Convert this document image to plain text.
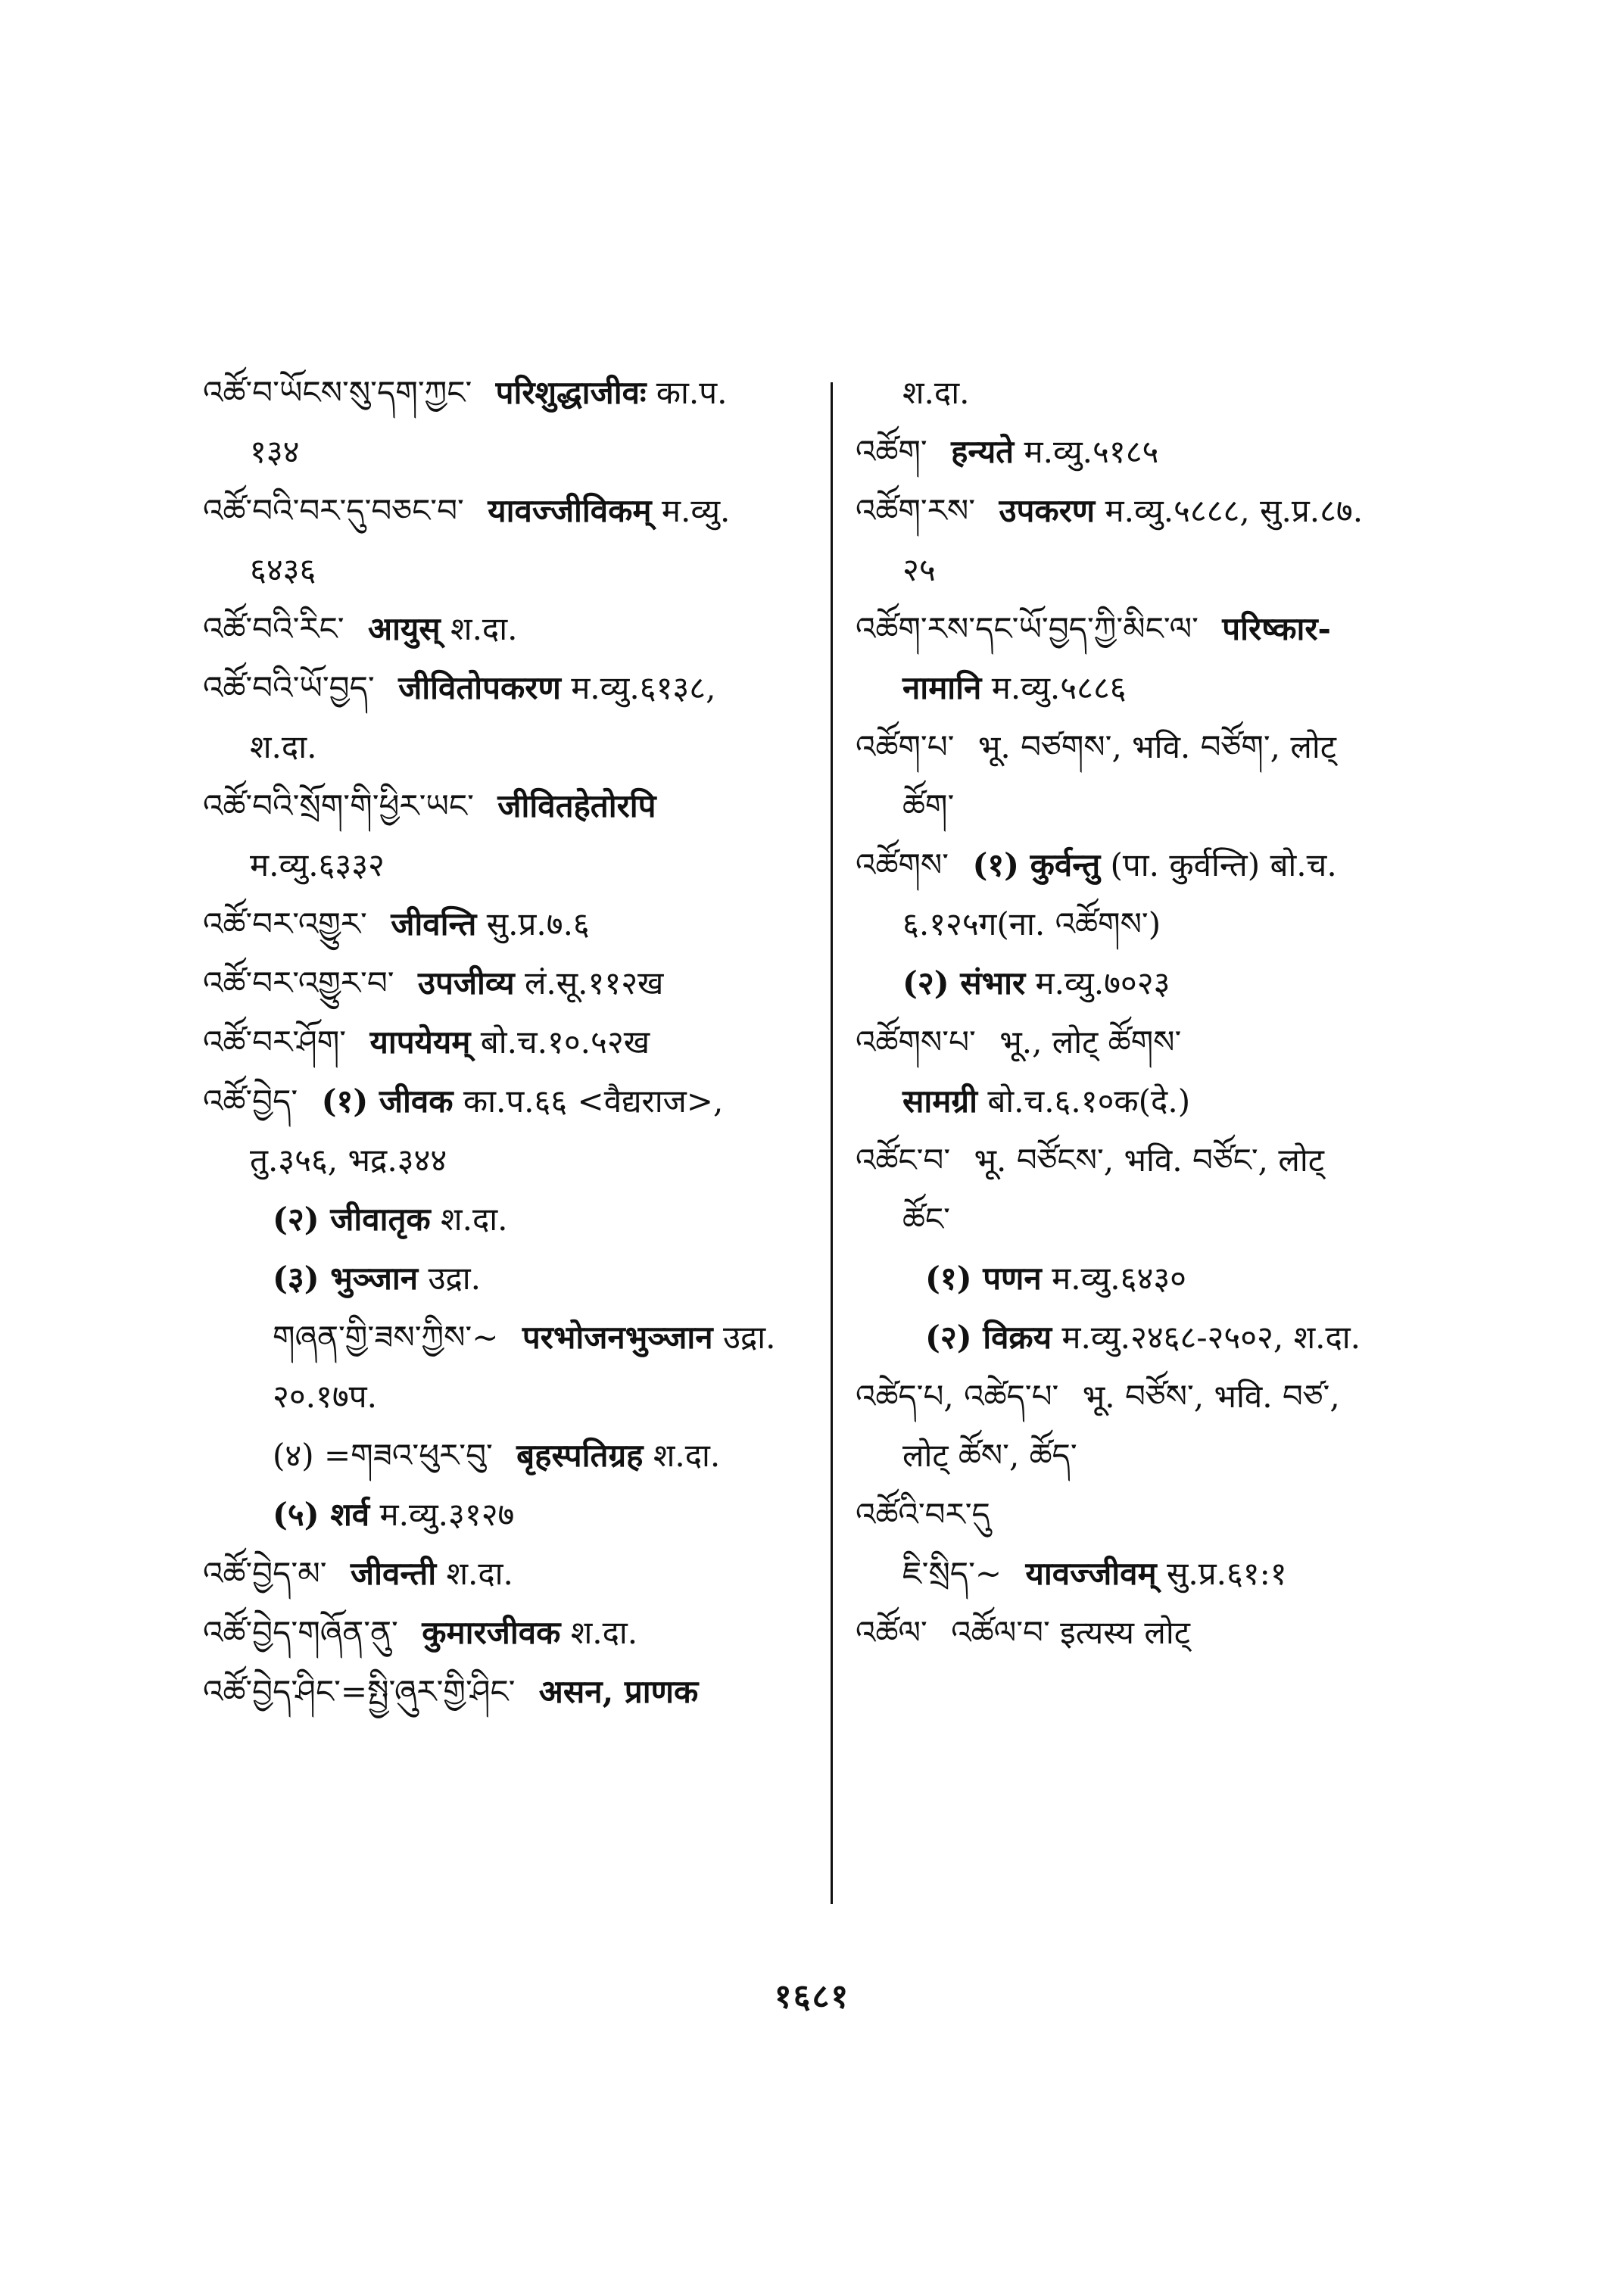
འཚོ་བ་ཡོངས་སུ་དག་ཀྱང་ परिशुद्धाजीवः का.प.
१३४
འཚོ་བའི་བར་དུ་བཅང་བ་ यावज्जीविकम् म.व्यु.
६४३६
འཚོ་བའི་རིང་ आयुस् श.दा.
འཚོ་བའི་ཡོ་བྱད་ जीवितोपकरण म.व्यु.६१३८,
श.दा.
འཚོ་བའི་སྲོག་གི་ཕྱིར་ཡང་ जीवितहेतोरपि
म.व्यु.६३३२
འཚོ་བར་འགྱུར་ जीवन्ति सु.प्र.७.६
འཚོ་བར་འགྱུར་བ་ उपजीव्य लं.सू.११२ख
འཚོ་བར་ཤོག་ यापयेयम् बो.च.१०.५२ख
འཚོ་བྱེད་ (१) जीवक का.प.६६ <वैद्यराज>,
तु.३५६, भद्र.३४४
(२) जीवातृक श.दा.
(३) भुञ्जान उद्रा.
གཞན་གྱི་ཟས་ཀྱིས་~ परभोजनभुञ्जान उद्रा.
२०.१७प.
(४) =གཟའ་ཕུར་བུ་ बृहस्पतिग्रह श.दा.
(५) शर्व म.व्यु.३१२७
འཚོ་བྱེད་མ་ जीवन्ती श.दा.
འཚོ་བྱེད་གཞོན་ནུ་ कुमारजीवक श.दा.
འཚོ་བྱེད་ཤིང་=སྤྱི་ཞུར་གྱི་ཤིང་ असन, प्राणक
श.दा.
འཚོག་ हन्यते म.व्यु.५१८५
འཚོག་རས་ उपकरण म.व्यु.५८८८, सु.प्र.८७.
२५
འཚོག་རས་དང་ཡོ་བྱད་ཀྱི་མིང་ལ་ परिष्कार-
नामानि म.व्यु.५८८६
འཚོག་པ་ भू. བཙགས་, भवि. བཙོག་, लोट्
ཚོག་
འཚོགས་ (१) कुर्वन्तु (पा. कुर्वन्ति) बो.च.
६.१२५ग(ना. འཚོགས་)
(२) संभार म.व्यु.७०२३
འཚོགས་པ་ भू., लोट् ཚོགས་
सामग्री बो.च.६.१०क(दे.)
འཚོང་བ་ भू. བཙོངས་, भवि. བཙོང་, लोट्
ཚོང་
(१) पणन म.व्यु.६४३०
(२) विक्रय म.व्यु.२४६८-२५०२, श.दा.
འཚེད་པ, འཚེད་པ་ भू. བཙོས་, भवि. བཙ་,
लोट् ཚོས་, ཚོད་
འཚོའི་བར་དུ
ཇི་སྲིད་~ यावज्जीवम् सु.प्र.६१:१
འཚོལ་ འཚོལ་བ་ इत्यस्य लोट्
१६८१
